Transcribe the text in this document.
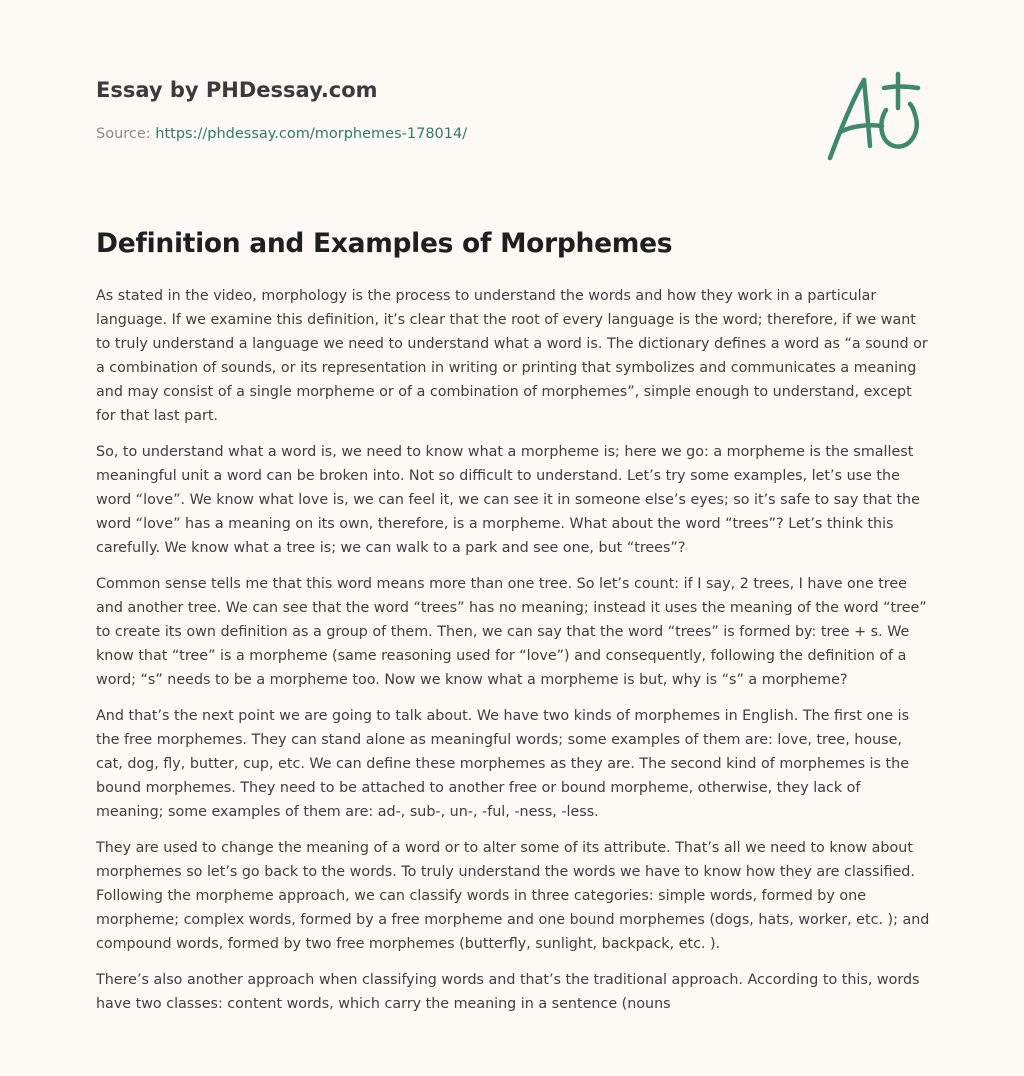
Essay by PHDessay.com
Source: https://phdessay.com/morphemes-178014/
Definition and Examples of Morphemes

As stated in the video, morphology is the process to understand the words and how they work in a particular language. If we examine this definition, it’s clear that the root of every language is the word; therefore, if we want to truly understand a language we need to understand what a word is. The dictionary defines a word as “a sound or a combination of sounds, or its representation in writing or printing that symbolizes and communicates a meaning and may consist of a single morpheme or of a combination of morphemes”, simple enough to understand, except for that last part.

So, to understand what a word is, we need to know what a morpheme is; here we go: a morpheme is the smallest meaningful unit a word can be broken into. Not so difficult to understand. Let’s try some examples, let’s use the word “love”. We know what love is, we can feel it, we can see it in someone else’s eyes; so it’s safe to say that the word “love” has a meaning on its own, therefore, is a morpheme. What about the word “trees”? Let’s think this carefully. We know what a tree is; we can walk to a park and see one, but “trees”?

Common sense tells me that this word means more than one tree. So let’s count: if I say, 2 trees, I have one tree and another tree. We can see that the word “trees” has no meaning; instead it uses the meaning of the word “tree” to create its own definition as a group of them. Then, we can say that the word “trees” is formed by: tree + s. We know that “tree” is a morpheme (same reasoning used for “love”) and consequently, following the definition of a word; “s” needs to be a morpheme too. Now we know what a morpheme is but, why is “s” a morpheme?

And that’s the next point we are going to talk about. We have two kinds of morphemes in English. The first one is the free morphemes. They can stand alone as meaningful words; some examples of them are: love, tree, house, cat, dog, fly, butter, cup, etc. We can define these morphemes as they are. The second kind of morphemes is the bound morphemes. They need to be attached to another free or bound morpheme, otherwise, they lack of meaning; some examples of them are: ad-, sub-, un-, -ful, -ness, -less.

They are used to change the meaning of a word or to alter some of its attribute. That’s all we need to know about morphemes so let’s go back to the words. To truly understand the words we have to know how they are classified. Following the morpheme approach, we can classify words in three categories: simple words, formed by one morpheme; complex words, formed by a free morpheme and one bound morphemes (dogs, hats, worker, etc. ); and compound words, formed by two free morphemes (butterfly, sunlight, backpack, etc. ).

There’s also another approach when classifying words and that’s the traditional approach. According to this, words have two classes: content words, which carry the meaning in a sentence (nouns
